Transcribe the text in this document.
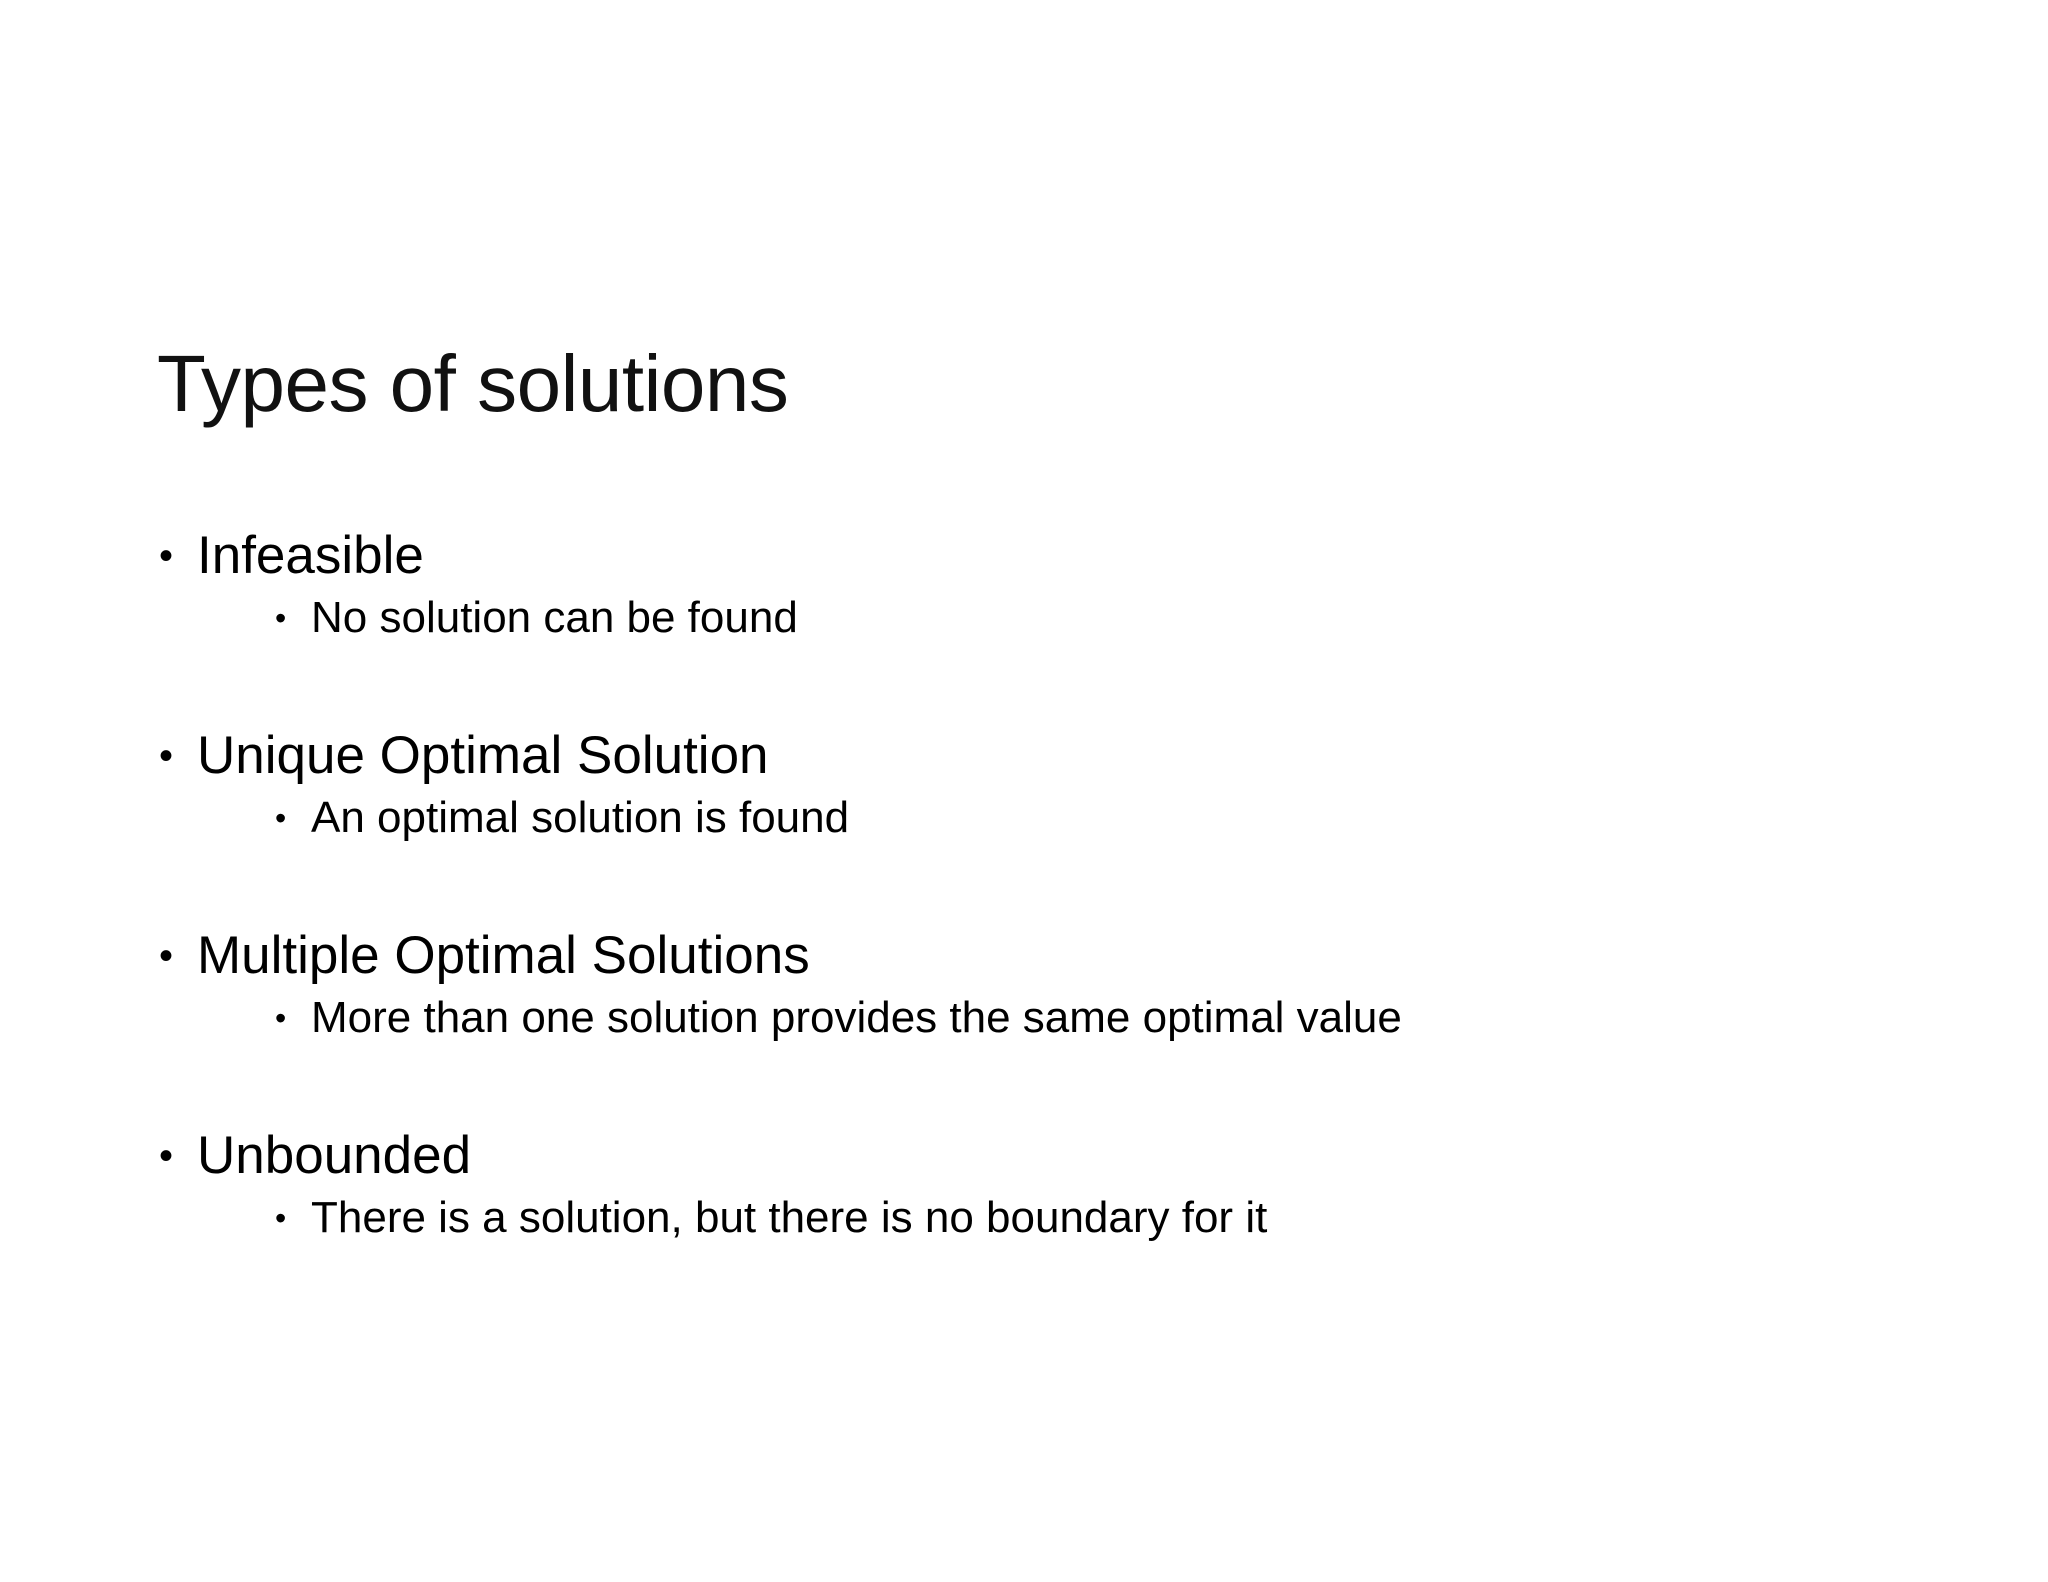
Types of solutions
• Infeasible
• No solution can be found
• Unique Optimal Solution
• An optimal solution is found
• Multiple Optimal Solutions
• More than one solution provides the same optimal value
• Unbounded
• There is a solution, but there is no boundary for it
